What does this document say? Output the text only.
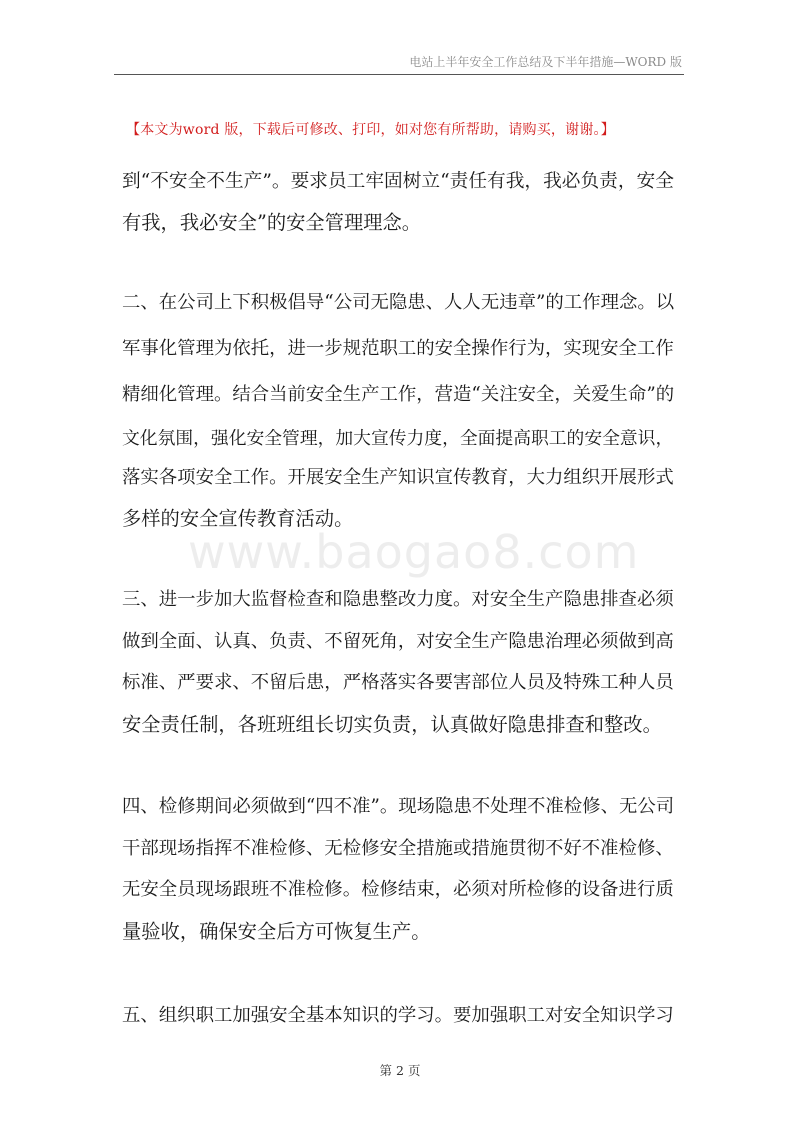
电站上半年安全工作总结及下半年措施—WORD 版
【本文为word 版，下载后可修改、打印，如对您有所帮助，请购买，谢谢。】
www.baogao8.com
到“不安全不生产”。要求员工牢固树立“责任有我，我必负责，安全
有我，我必安全”的安全管理理念。
二、在公司上下积极倡导“公司无隐患、人人无违章”的工作理念。以
军事化管理为依托，进一步规范职工的安全操作行为，实现安全工作
精细化管理。结合当前安全生产工作，营造“关注安全，关爱生命”的
文化氛围，强化安全管理，加大宣传力度，全面提高职工的安全意识，
落实各项安全工作。开展安全生产知识宣传教育，大力组织开展形式
多样的安全宣传教育活动。
三、进一步加大监督检查和隐患整改力度。对安全生产隐患排查必须
做到全面、认真、负责、不留死角，对安全生产隐患治理必须做到高
标准、严要求、不留后患，严格落实各要害部位人员及特殊工种人员
安全责任制，各班班组长切实负责，认真做好隐患排查和整改。
四、检修期间必须做到“四不准”。现场隐患不处理不准检修、无公司
干部现场指挥不准检修、无检修安全措施或措施贯彻不好不准检修、
无安全员现场跟班不准检修。检修结束，必须对所检修的设备进行质
量验收，确保安全后方可恢复生产。
五、组织职工加强安全基本知识的学习。要加强职工对安全知识学习
第 2 页
